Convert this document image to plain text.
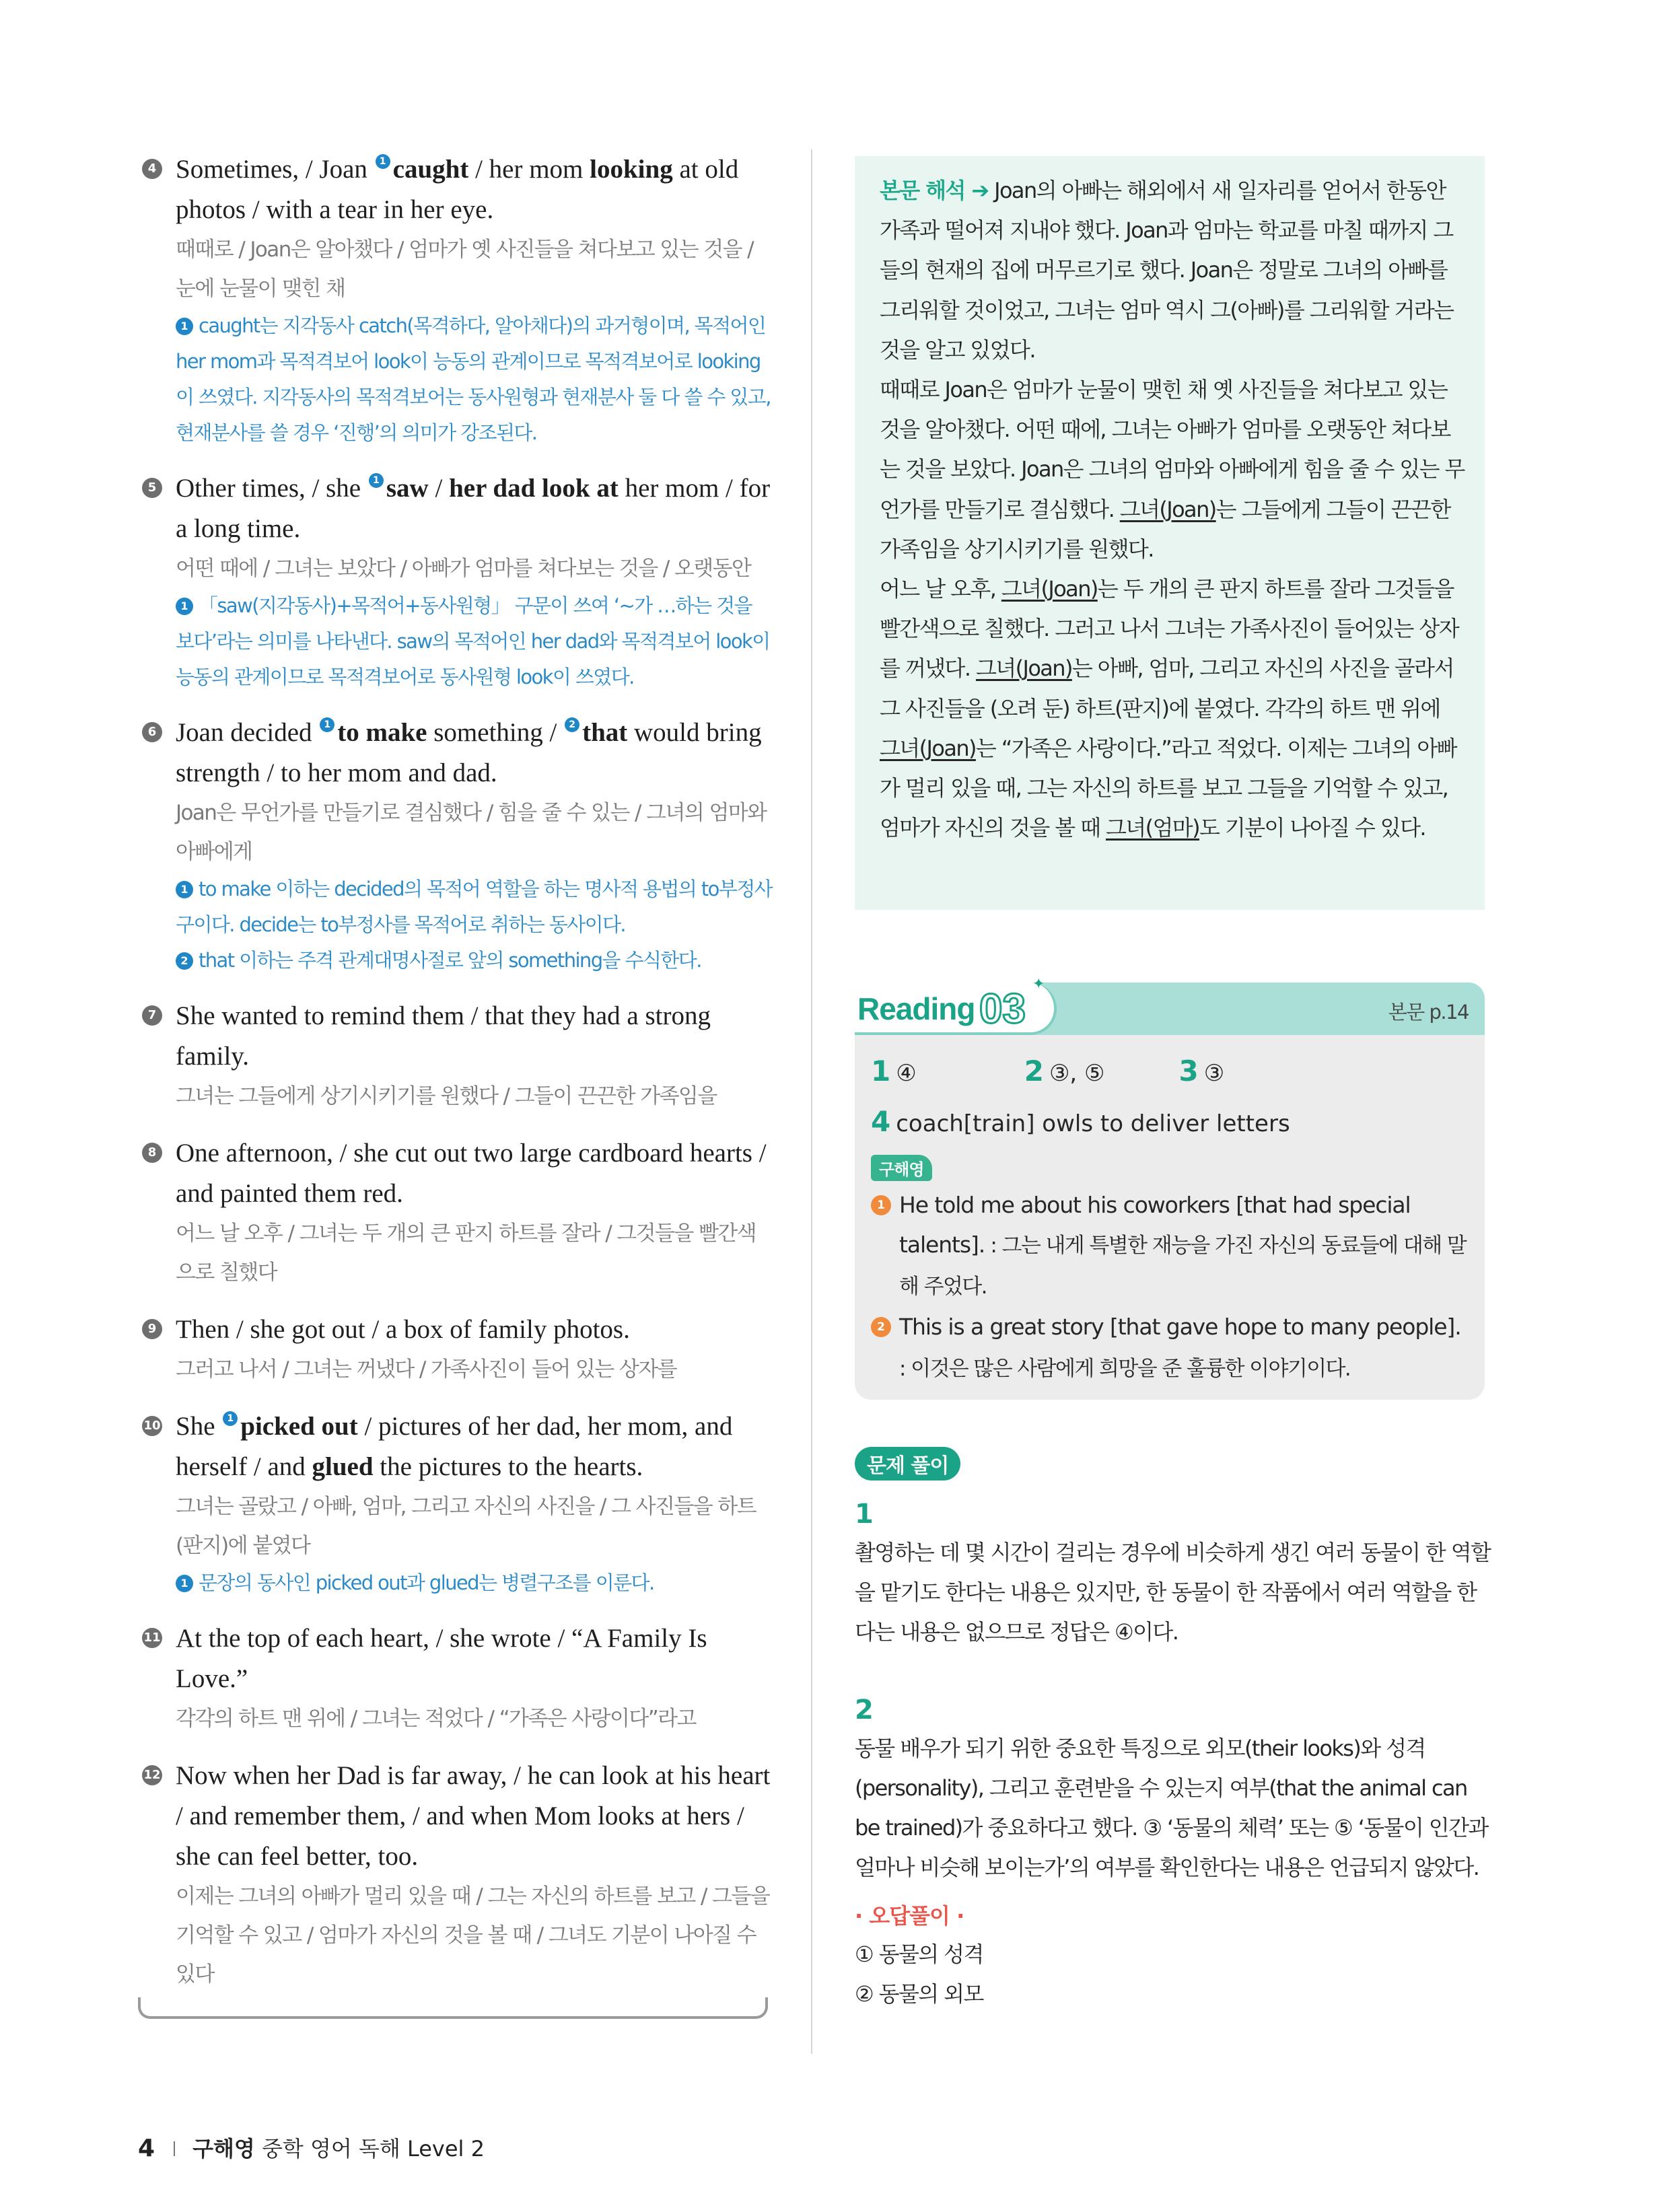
4 Sometimes, / Joan 1 caught / her mom looking at old photos / with a tear in her eye.
때때로 / Joan은 알아챘다 / 엄마가 옛 사진들을 쳐다보고 있는 것을 / 눈에 눈물이 맺힌 채
1 caught는 지각동사 catch(목격하다, 알아채다)의 과거형이며, 목적어인 her mom과 목적격보어 look이 능동의 관계이므로 목적격보어로 looking이 쓰였다. 지각동사의 목적격보어는 동사원형과 현재분사 둘 다 쓸 수 있고, 현재분사를 쓸 경우 ‘진행’의 의미가 강조된다.
5 Other times, / she 1 saw / her dad look at her mom / for a long time.
어떤 때에 / 그녀는 보았다 / 아빠가 엄마를 쳐다보는 것을 / 오랫동안
1 「saw(지각동사)+목적어+동사원형」 구문이 쓰여 ‘~가 …하는 것을 보다’라는 의미를 나타낸다. saw의 목적어인 her dad와 목적격보어 look이 능동의 관계이므로 목적격보어로 동사원형 look이 쓰였다.
6 Joan decided 1 to make something / 2 that would bring strength / to her mom and dad.
Joan은 무언가를 만들기로 결심했다 / 힘을 줄 수 있는 / 그녀의 엄마와 아빠에게
1 to make 이하는 decided의 목적어 역할을 하는 명사적 용법의 to부정사구이다. decide는 to부정사를 목적어로 취하는 동사이다.
2 that 이하는 주격 관계대명사절로 앞의 something을 수식한다.
7 She wanted to remind them / that they had a strong family.
그녀는 그들에게 상기시키기를 원했다 / 그들이 끈끈한 가족임을
8 One afternoon, / she cut out two large cardboard hearts / and painted them red.
어느 날 오후 / 그녀는 두 개의 큰 판지 하트를 잘라 / 그것들을 빨간색으로 칠했다
9 Then / she got out / a box of family photos.
그러고 나서 / 그녀는 꺼냈다 / 가족사진이 들어 있는 상자를
10 She 1 picked out / pictures of her dad, her mom, and herself / and glued the pictures to the hearts.
그녀는 골랐고 / 아빠, 엄마, 그리고 자신의 사진을 / 그 사진들을 하트(판지)에 붙였다
1 문장의 동사인 picked out과 glued는 병렬구조를 이룬다.
11 At the top of each heart, / she wrote / “A Family Is Love.”
각각의 하트 맨 위에 / 그녀는 적었다 / “가족은 사랑이다”라고
12 Now when her Dad is far away, / he can look at his heart / and remember them, / and when Mom looks at hers / she can feel better, too.
이제는 그녀의 아빠가 멀리 있을 때 / 그는 자신의 하트를 보고 / 그들을 기억할 수 있고 / 엄마가 자신의 것을 볼 때 / 그녀도 기분이 나아질 수 있다
본문 해석 ➔ Joan의 아빠는 해외에서 새 일자리를 얻어서 한동안 가족과 떨어져 지내야 했다. Joan과 엄마는 학교를 마칠 때까지 그들의 현재의 집에 머무르기로 했다. Joan은 정말로 그녀의 아빠를 그리워할 것이었고, 그녀는 엄마 역시 그(아빠)를 그리워할 거라는 것을 알고 있었다.
때때로 Joan은 엄마가 눈물이 맺힌 채 옛 사진들을 쳐다보고 있는 것을 알아챘다. 어떤 때에, 그녀는 아빠가 엄마를 오랫동안 쳐다보는 것을 보았다. Joan은 그녀의 엄마와 아빠에게 힘을 줄 수 있는 무언가를 만들기로 결심했다. 그녀(Joan)는 그들에게 그들이 끈끈한 가족임을 상기시키기를 원했다.
어느 날 오후, 그녀(Joan)는 두 개의 큰 판지 하트를 잘라 그것들을 빨간색으로 칠했다. 그러고 나서 그녀는 가족사진이 들어있는 상자를 꺼냈다. 그녀(Joan)는 아빠, 엄마, 그리고 자신의 사진을 골라서 그 사진들을 (오려 둔) 하트(판지)에 붙였다. 각각의 하트 맨 위에 그녀(Joan)는 “가족은 사랑이다.”라고 적었다. 이제는 그녀의 아빠가 멀리 있을 때, 그는 자신의 하트를 보고 그들을 기억할 수 있고, 엄마가 자신의 것을 볼 때 그녀(엄마)도 기분이 나아질 수 있다.
Reading 03
✦
본문 p.14
1 ④	2 ③, ⑤	3 ③
4 coach[train] owls to deliver letters
구해영
1 He told me about his coworkers [that had special talents]. : 그는 내게 특별한 재능을 가진 자신의 동료들에 대해 말해 주었다.
2 This is a great story [that gave hope to many people]. : 이것은 많은 사람에게 희망을 준 훌륭한 이야기이다.
문제 풀이
1
촬영하는 데 몇 시간이 걸리는 경우에 비슷하게 생긴 여러 동물이 한 역할을 맡기도 한다는 내용은 있지만, 한 동물이 한 작품에서 여러 역할을 한다는 내용은 없으므로 정답은 ④이다.
2
동물 배우가 되기 위한 중요한 특징으로 외모(their looks)와 성격(personality), 그리고 훈련받을 수 있는지 여부(that the animal can be trained)가 중요하다고 했다. ③ ‘동물의 체력’ 또는 ⑤ ‘동물이 인간과 얼마나 비슷해 보이는가’의 여부를 확인한다는 내용은 언급되지 않았다.
· 오답풀이 ·
① 동물의 성격
② 동물의 외모
4 구해영 중학 영어 독해 Level 2
